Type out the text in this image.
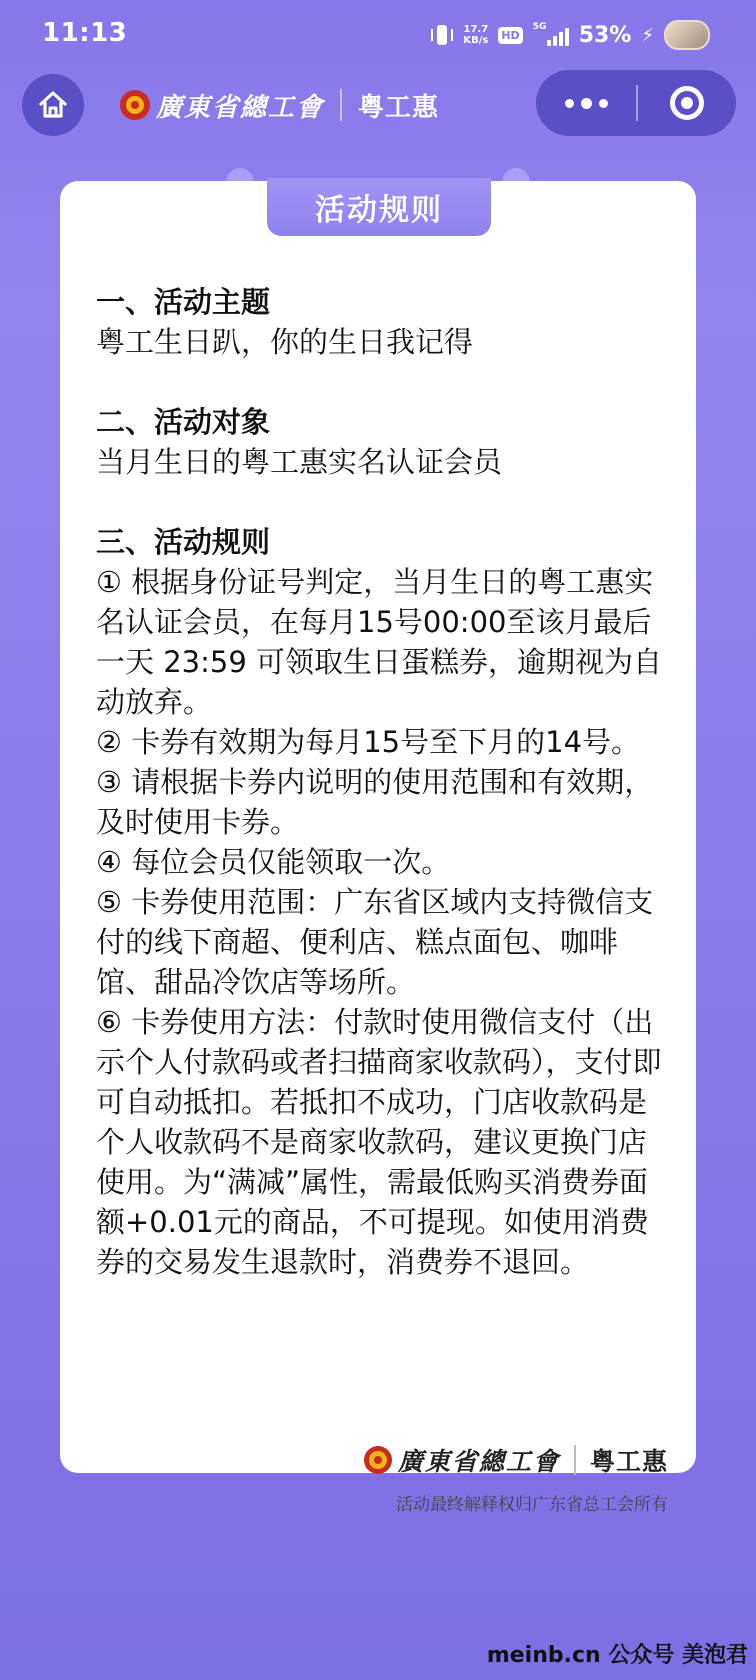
11:13	17.7
KB/s HD
5G 53% ⚡
廣東省總工會 粤工惠
活动规则
一、活动主题
粤工生日趴，你的生日我记得
二、活动对象
当月生日的粤工惠实名认证会员
三、活动规则
① 根据身份证号判定，当月生日的粤工惠实名认证会员，在每月15号00:00至该月最后一天 23:59 可领取生日蛋糕券，逾期视为自动放弃。
② 卡券有效期为每月15号至下月的14号。
③ 请根据卡券内说明的使用范围和有效期，及时使用卡券。
④ 每位会员仅能领取一次。
⑤ 卡券使用范围：广东省区域内支持微信支付的线下商超、便利店、糕点面包、咖啡馆、甜品冷饮店等场所。
⑥ 卡券使用方法：付款时使用微信支付（出示个人付款码或者扫描商家收款码），支付即可自动抵扣。若抵扣不成功，门店收款码是个人收款码不是商家收款码，建议更换门店使用。为“满减”属性，需最低购买消费券面额+0.01元的商品，不可提现。如使用消费券的交易发生退款时，消费券不退回。
廣東省總工會 粤工惠
活动最终解释权归广东省总工会所有
meinb.cn 公众号 美泡君
